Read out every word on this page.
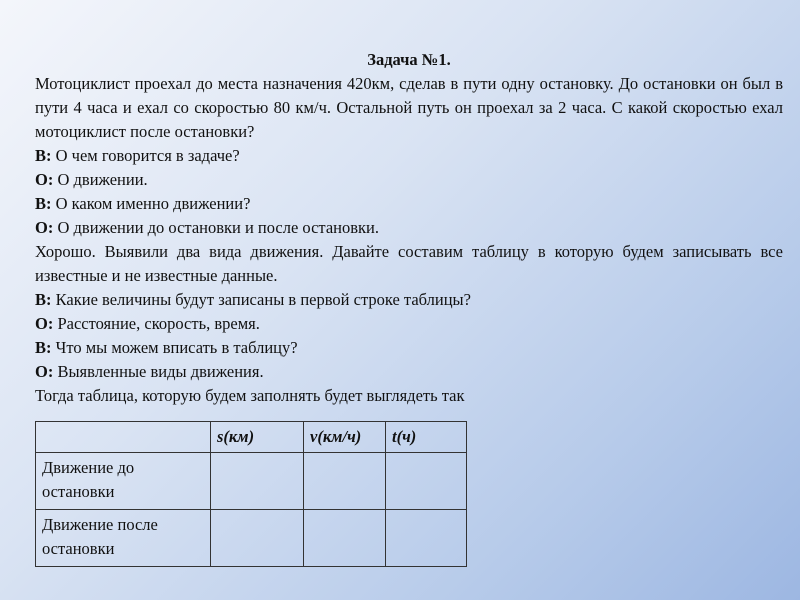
Задача №1.
Мотоциклист проехал до места назначения 420км, сделав в пути одну остановку. До остановки он был в пути 4 часа и ехал со скоростью 80 км/ч. Остальной путь он проехал за 2 часа. С какой скоростью ехал мотоциклист после остановки?
В: О чем говорится в задаче?
О: О движении.
В: О каком именно движении?
О: О движении до остановки и после остановки.
Хорошо. Выявили два вида движения. Давайте составим таблицу в которую будем записывать все известные и не известные данные.
В: Какие величины будут записаны в первой строке таблицы?
О: Расстояние, скорость, время.
В: Что мы можем вписать в таблицу?
О: Выявленные виды движения.
Тогда таблица, которую будем заполнять будет выглядеть так
	s(км)	v(км/ч)	t(ч)
Движение до остановки			
Движение после остановки			
